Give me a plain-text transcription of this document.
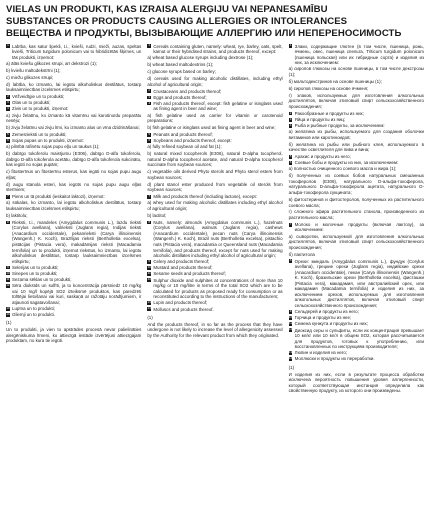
VIELAS UN PRODUKTI, KAS IZRAISA ALERĢIJU VAI NEPANESAMĪBU
SUBSTANCES OR PRODUCTS CAUSING ALLERGIES OR INTOLERANCES
ВЕЩЕСТВА И ПРОДУКТЫ, ВЫЗЫВАЮЩИЕ АЛЛЕРГИЮ ИЛИ НЕПЕРЕНОСИМОСТЬ

1 Labība, kas satur lipekli, t.i., kvieši, rudzi, mieži, auzas, speltas kvieši, Triticum turgidum polonicum vai to hibridizētās šķirnes, un tās produkti, izņemot:

a) ālās kviešu glikozes sīrupi, arī dekstrozi (1);

b) kviešu maltodekstrīni (1);

c) miežu glikozes sīrupi;

d) labība, ko izmanto, lai iegūtu alkoholiskus destilātus, tostarp lauksaimniecības izcelsmes etilspirtu;

2 Vēžveidīgie un to produkti;

3 Olas un to produkti;

4 Zivis un to produkti, izņemot:

a) zivju želatīnu, ko izmanto kā vitamīnu vai karotinoīdu preparātu nesēju;

b) zivju želatīnu vai zivju līmi, ko izmanto alus un vīna dzidrināšanai;

5 Zemesrieksti un to produkti;

6 Sojas pupas un to produkti, izņemot:

a) pilnībā rafinētu sojas pupu eļļu un taukus (1);

b) dabīgo tokoferolu maisījumu (E306), dabīgo D-alfa tokoferolu, dabīgo D-alfa tokoferola acetātu, dabīgo D-alfa tokoferola sukcinātu, kas iegūti no sojas pupām;

c) fitosterīnus un fitosterīnu esterus, kas iegūti no sojas pupu augu eļļas;

d) augu stanola esteri, kas iegūts no sojas pupu augu eļļas sterīniem;

7 Piens un tā produkti (ieskaitot laktozi), izņemot:

a) sūkalas, ko izmanto, lai iegūtu alkoholiskus destilātus, tostarp lauksaimniecības izcelsmes etilspirtu;

b) laktitolu;

8 Rieksti, t.i., mandeles (Amygdalus communis L.), lazdu rieksti (Corylus avellana), valrieksti (Juglans regia), Indijas rieksti (Anacardium occidentale), pekanrieksti (Carya illinoinensis (Wangenh.) K. Koch), Brazīlijas rieksti (Bertholletia excelsa), pistācijas (Pistacia vera), makadāmijas rieksti (Macadamia ternifolia) un to produkti, izņemot riekstus, ko izmanto, lai iegūtu alkoholiskus destilātus, tostarp lauksaimniecības izcelsmes etilspirtu;

9 Selerijas un to produkti;

10 Sinepes un to produkti;

11 Sezama sēklas un to produkti;

12 Sēra dioksīds un sulfīti, ja to koncentrācija pārsniedz 10 mg/kg vai 10 mg/l kopējā SO2 izteiksmē produktos, kas paredzēti tūlītējai lietošanai vai kuri, saskaņā ar ražotāju norādījumiem, ir atjaunoti sagatavošanai;

13 Lupīna un to produkti;

14 Gliemji un to produkti.

(1)

Un to produkti, ja vien to apstrādes procesā nevar palielināties alergēniskuma līmeni, ko attiecīgā iestāde izvērtējusi attiecīgajam produktam, no kura tie iegūti.

1 Cereals containing gluten, namely: wheat, rye, barley, oats, spelt, kamut or their hybridised strains, and products thereof, except:

a) wheat based glucose syrups including dextrose (1);

b) wheat based maltodextrins (1);

c) glucose syrups based on barley;

d) cereals used for making alcoholic distillates, including ethyl alcohol of agricultural origin;

2 Crustaceans and products thereof;

3 Eggs and products thereof;

4 Fish and products thereof, except: fish gelatine or isinglass used as fining agent in beer and wine;

a) fish gelatine used as carrier for vitamin or carotenoid preparations;

b) fish gelatine or isinglass used as fining agent in beer and wine;

5 Peanuts and products thereof;

6 Soybeans and products thereof, except:

a) fully refined soybean oil and fat (1);

b) natural mixed tocopherols (E306), natural D-alpha tocopherol, natural D-alpha tocopherol acetate, and natural D-alpha tocopherol succinate from soybean sources;

c) vegetable oils derived Phyto sterols and Phyto sterol esters from soybean sources;

d) plant stanol ester produced from vegetable oil sterols from soybean sources;

7 Milk and products thereof (including lactose), except:

a) whey used for making alcoholic distillates including ethyl alcohol of agricultural origin;

b) lactitol;

8 Nuts, namely: almonds (Amygdalus communis L.), hazelnuts (Corylus avellana), walnuts (Juglans regia), cashews (Anacardium occidentale), pecan nuts (Carya illinoinensis (Wangenh.) K. Koch), Brazil nuts (Bertholletia excelsa), pistachio nuts (Pistacia vera), macadamia or Queensland nuts (Macadamia ternifolia), and products thereof, except for nuts used for making alcoholic distillates including ethyl alcohol of agricultural origin;

9 Celery and products thereof;

10 Mustard and products thereof;

11 Sesame seeds and products thereof;

12 Sulphur dioxide and sulphites at concentrations of more than 10 mg/kg or 10 mg/litre in terms of the total SO2 which are to be calculated for products as proposed ready for consumption or as reconstituted according to the instructions of the manufacturers;

13 Lupin and products thereof;

14 Molluscs and products thereof.

(1)

And the products thereof, in so far as the process that they have undergone is not likely to increase the level of allergenicity assessed by the Authority for the relevant product from which they originated.

1 Злаки, содержащие глютен (в том числе, пшеница, рожь, ячмень, овес, пшеница спельта, Triticum turgidum polonicum (пшеница польская) или их гибридные сорта) и изделия из них, за исключением:

а) сиропов глюкозы на основе пшеницы, в том числе декстрозы (1);

б) мальтодекстринов на основе пшеницы (1);

в) сиропов глюкозы на основе ячменя;

г) злаков, используемых для изготовления алкогольных дистиллятов, включая этиловый спирт сельскохозяйственного происхождения;

2 Ракообразные и продукты из них;

3 Яйца и продукты из яиц;

4 Рыба и рыбные продукты, за исключением:

а) желатина из рыбы, используемого для создания оболочки витаминов или каротиноидов;

б) желатина из рыбы или рыбного клея, используемого в качестве осветлителя для пива и вина;

5 Арахис и продукты из него;

6 Соевые бобы и продукты из них, за исключением:

а) полностью очищенного соевого масла и жира (1);

б) полученных из соевых бобов натуральных смешанных токоферолов (E306), натурального D-альфа-токоферола, натурального D-альфа-токоферола ацетата, натурального D-альфа-токоферола сукцината;

в) фитостеринов и фитостеролов, полученных из растительного соевого масла;

г) сложного эфира растительного станола, произведенного из растительного масла;

7 Молоко и молочные продукты (включая лактозу), за исключением:

а) сыворотки, используемой для изготовления алкогольных дистиллятов, включая этиловый спирт сельскохозяйственного происхождения;

б) лактитола

8 Орехи: миндаль (Amygdalus communis L.), фундук (Corylus avellana), грецкие орехи (Juglans regia), индийские орехи (Anacardium occidentale), пекан (Carya illinoinensis (Wangenh.) K. Koch), бразильские орехи (Bertholletia excelsa), фисташки (Pistacia vera), макадамия, или австралийский орех, или макадамия (Macadamia ternifolia) и изделия из них, за исключением орехов, используемых для изготовления алкогольных дистиллятов, включая этиловый спирт сельскохозяйственного происхождения;

9 Сельдерей и продукты из него;

10 Горчица и продукты из нее;

11 Семена кунжута и продукты из них;

12 Диоксид серы и сульфиты, если их концентрация превышает 10 мг/кг или 10 мг/л в общем SO2, которая рассчитывается для продуктов, готовых к употреблению, или восстановленных по инструкциям производителя;

13 Люпин и изделия из него;

14 Моллюски и продукты их переработки.

(1)

И изделия из них, если в результате процесса обработки исключена вероятность повышения уровня аллергенности, который соответствующая инстанция определила как свойственную продукту, из которого они произведены.
